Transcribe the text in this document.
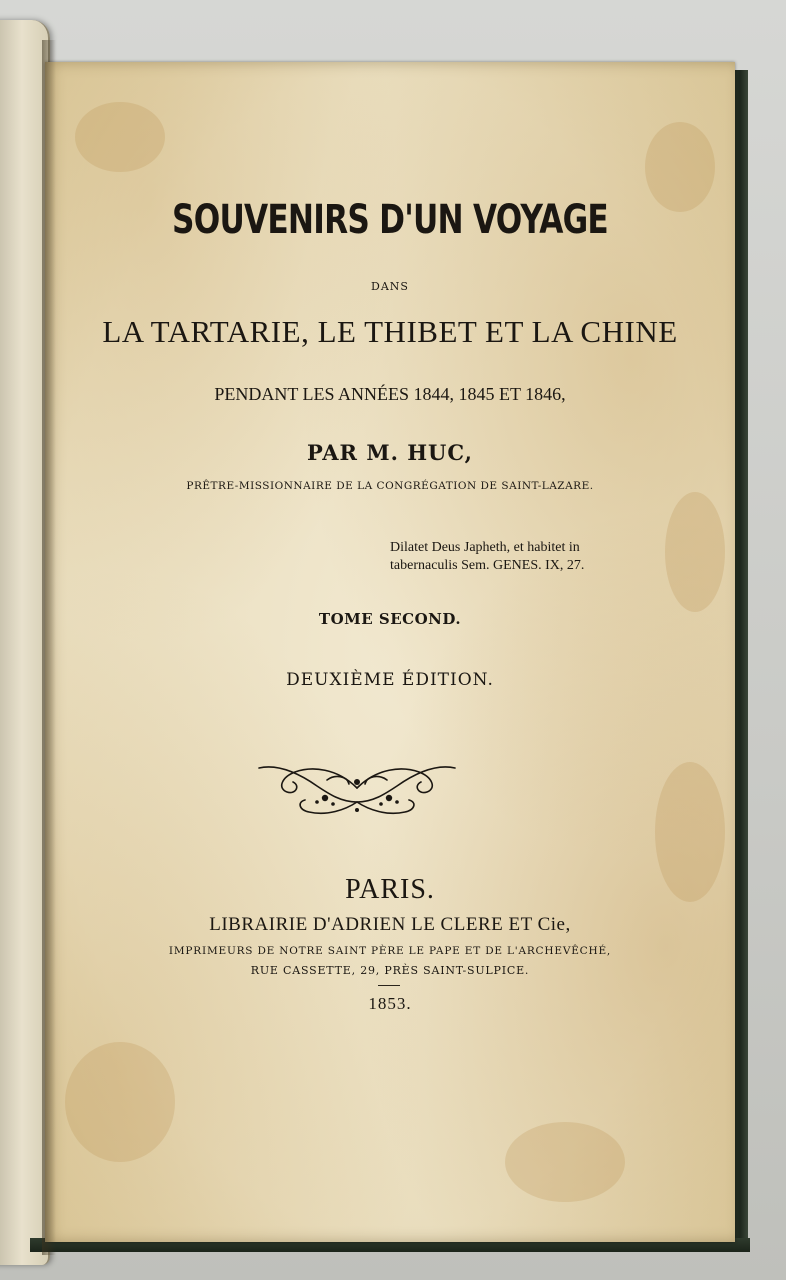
SOUVENIRS D'UN VOYAGE
DANS
LA TARTARIE, LE THIBET ET LA CHINE
PENDANT LES ANNÉES 1844, 1845 ET 1846,
PAR M. HUC,
PRÊTRE-MISSIONNAIRE DE LA CONGRÉGATION DE SAINT-LAZARE.
Dilatet Deus Japheth, et habitet in
tabernaculis Sem. GENES. IX, 27.
TOME SECOND.
DEUXIÈME ÉDITION.
PARIS.
LIBRAIRIE D'ADRIEN LE CLERE ET Cie,
IMPRIMEURS DE NOTRE SAINT PÈRE LE PAPE ET DE L'ARCHEVÊCHÉ,
RUE CASSETTE, 29, PRÈS SAINT-SULPICE.
1853.
